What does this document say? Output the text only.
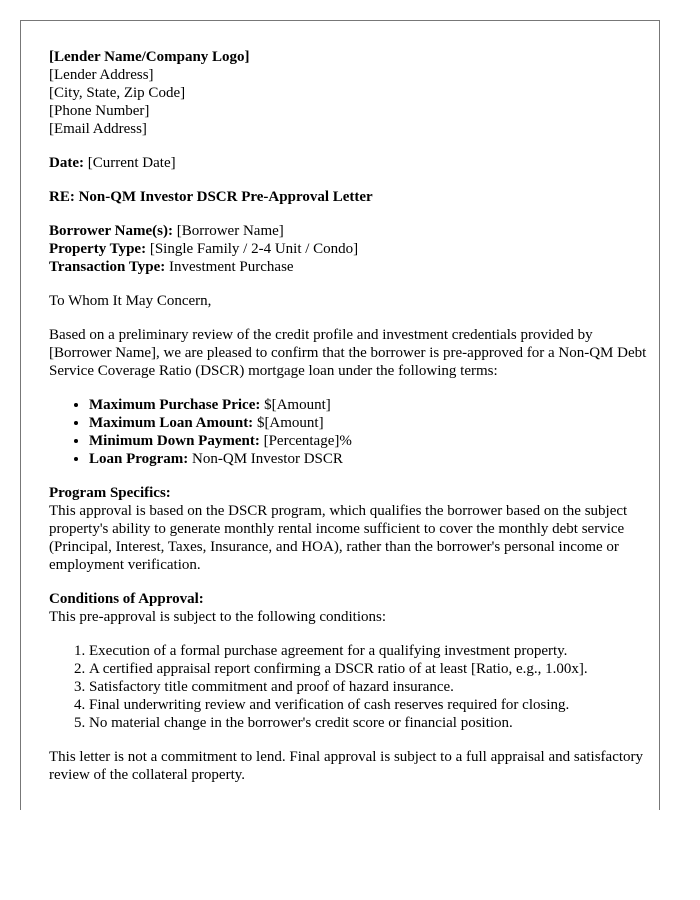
[Lender Name/Company Logo]
[Lender Address]
[City, State, Zip Code]
[Phone Number]
[Email Address]
Date: [Current Date]
RE: Non-QM Investor DSCR Pre-Approval Letter
Borrower Name(s): [Borrower Name]
Property Type: [Single Family / 2-4 Unit / Condo]
Transaction Type: Investment Purchase

To Whom It May Concern,

Based on a preliminary review of the credit profile and investment credentials provided by [Borrower Name], we are pleased to confirm that the borrower is pre-approved for a Non-QM Debt Service Coverage Ratio (DSCR) mortgage loan under the following terms:

• Maximum Purchase Price: $[Amount]
• Maximum Loan Amount: $[Amount]
• Minimum Down Payment: [Percentage]%
• Loan Program: Non-QM Investor DSCR
Program Specifics:
This approval is based on the DSCR program, which qualifies the borrower based on the subject property's ability to generate monthly rental income sufficient to cover the monthly debt service (Principal, Interest, Taxes, Insurance, and HOA), rather than the borrower's personal income or employment verification.
Conditions of Approval:
This pre-approval is subject to the following conditions:
1. Execution of a formal purchase agreement for a qualifying investment property.
2. A certified appraisal report confirming a DSCR ratio of at least [Ratio, e.g., 1.00x].
3. Satisfactory title commitment and proof of hazard insurance.
4. Final underwriting review and verification of cash reserves required for closing.
5. No material change in the borrower's credit score or financial position.

This letter is not a commitment to lend. Final approval is subject to a full appraisal and satisfactory review of the collateral property.
